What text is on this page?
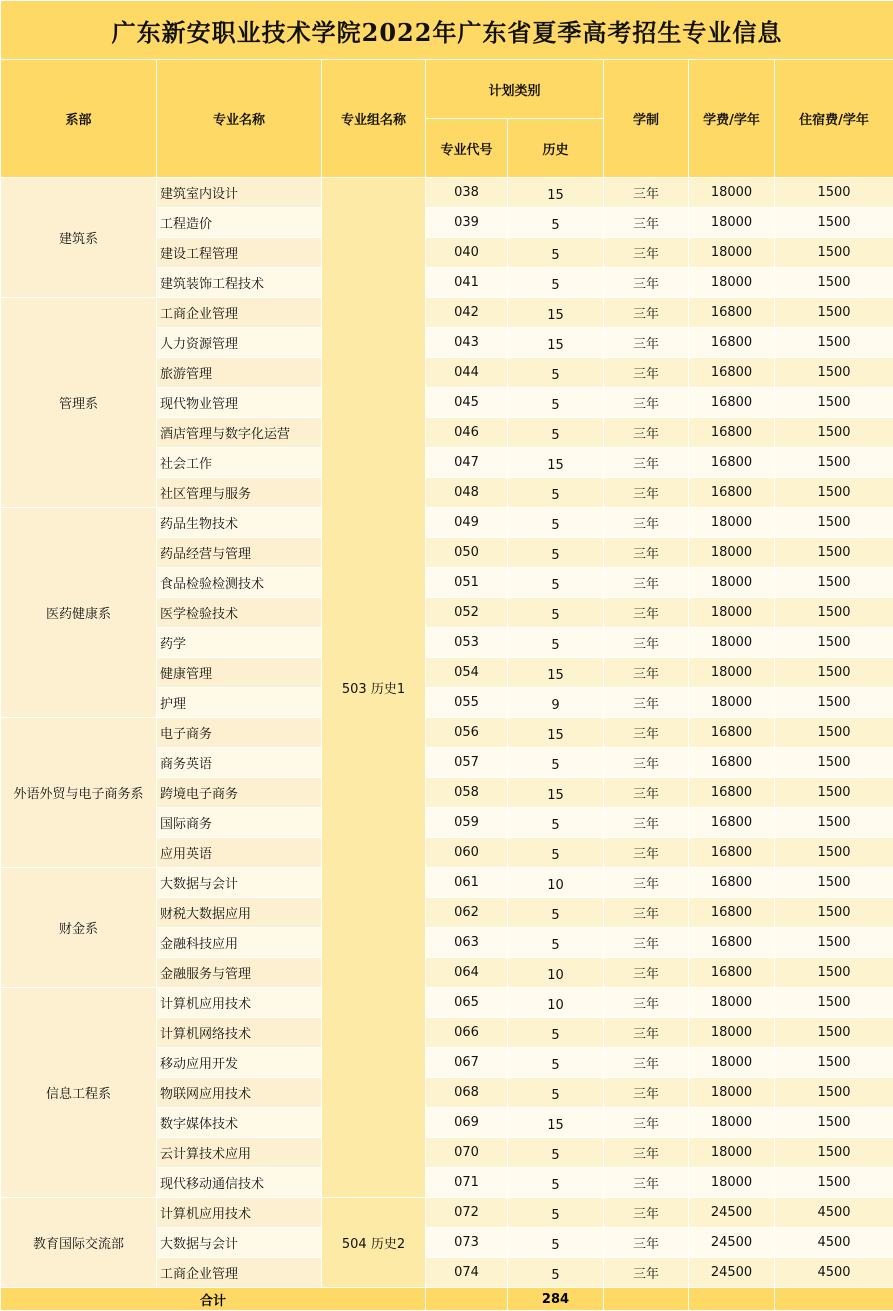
广东新安职业技术学院2022年广东省夏季高考招生专业信息							
系部	专业名称	专业组名称	计划类别		学制	学费/学年	住宿费/学年
			专业代号	历史			
建筑系	建筑室内设计	503 历史1	038	15	三年	18000	1500
	工程造价		039	5	三年	18000	1500
	建设工程管理		040	5	三年	18000	1500
	建筑装饰工程技术		041	5	三年	18000	1500
管理系	工商企业管理		042	15	三年	16800	1500
	人力资源管理		043	15	三年	16800	1500
	旅游管理		044	5	三年	16800	1500
	现代物业管理		045	5	三年	16800	1500
	酒店管理与数字化运营		046	5	三年	16800	1500
	社会工作		047	15	三年	16800	1500
	社区管理与服务		048	5	三年	16800	1500
医药健康系	药品生物技术		049	5	三年	18000	1500
	药品经营与管理		050	5	三年	18000	1500
	食品检验检测技术		051	5	三年	18000	1500
	医学检验技术		052	5	三年	18000	1500
	药学		053	5	三年	18000	1500
	健康管理		054	15	三年	18000	1500
	护理		055	9	三年	18000	1500
外语外贸与电子商务系	电子商务		056	15	三年	16800	1500
	商务英语		057	5	三年	16800	1500
	跨境电子商务		058	15	三年	16800	1500
	国际商务		059	5	三年	16800	1500
	应用英语		060	5	三年	16800	1500
财金系	大数据与会计		061	10	三年	16800	1500
	财税大数据应用		062	5	三年	16800	1500
	金融科技应用		063	5	三年	16800	1500
	金融服务与管理		064	10	三年	16800	1500
信息工程系	计算机应用技术		065	10	三年	18000	1500
	计算机网络技术		066	5	三年	18000	1500
	移动应用开发		067	5	三年	18000	1500
	物联网应用技术		068	5	三年	18000	1500
	数字媒体技术		069	15	三年	18000	1500
	云计算技术应用		070	5	三年	18000	1500
	现代移动通信技术		071	5	三年	18000	1500
教育国际交流部	计算机应用技术	504 历史2	072	5	三年	24500	4500
	大数据与会计		073	5	三年	24500	4500
	工商企业管理		074	5	三年	24500	4500
合计				284			
